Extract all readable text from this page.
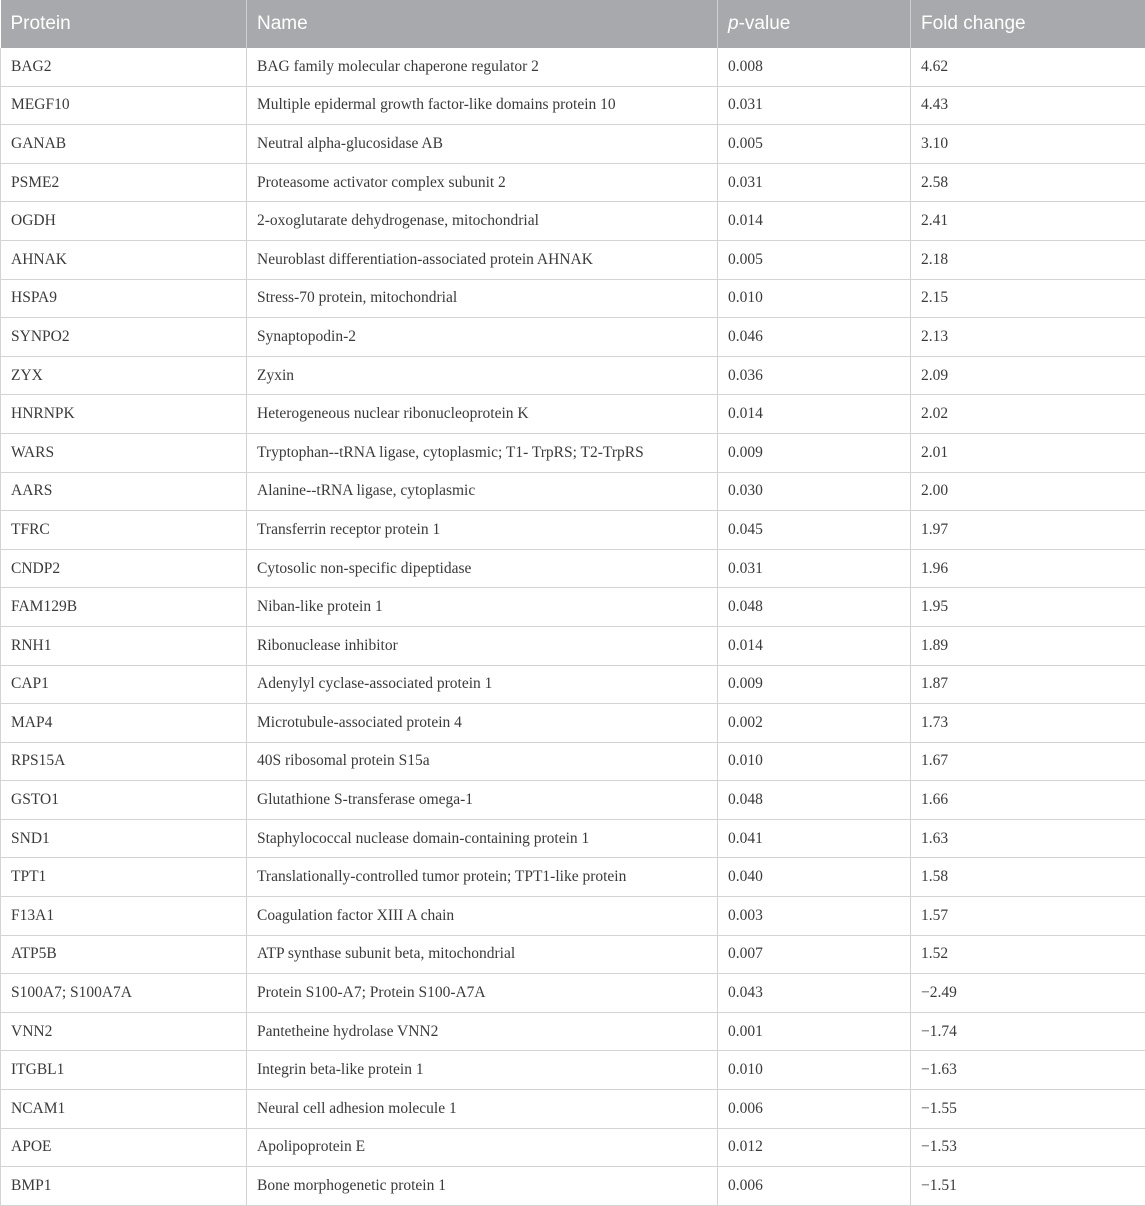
Protein	Name	p-value	Fold change
BAG2	BAG family molecular chaperone regulator 2	0.008	4.62
MEGF10	Multiple epidermal growth factor-like domains protein 10	0.031	4.43
GANAB	Neutral alpha-glucosidase AB	0.005	3.10
PSME2	Proteasome activator complex subunit 2	0.031	2.58
OGDH	2-oxoglutarate dehydrogenase, mitochondrial	0.014	2.41
AHNAK	Neuroblast differentiation-associated protein AHNAK	0.005	2.18
HSPA9	Stress-70 protein, mitochondrial	0.010	2.15
SYNPO2	Synaptopodin-2	0.046	2.13
ZYX	Zyxin	0.036	2.09
HNRNPK	Heterogeneous nuclear ribonucleoprotein K	0.014	2.02
WARS	Tryptophan--tRNA ligase, cytoplasmic; T1- TrpRS; T2-TrpRS	0.009	2.01
AARS	Alanine--tRNA ligase, cytoplasmic	0.030	2.00
TFRC	Transferrin receptor protein 1	0.045	1.97
CNDP2	Cytosolic non-specific dipeptidase	0.031	1.96
FAM129B	Niban-like protein 1	0.048	1.95
RNH1	Ribonuclease inhibitor	0.014	1.89
CAP1	Adenylyl cyclase-associated protein 1	0.009	1.87
MAP4	Microtubule-associated protein 4	0.002	1.73
RPS15A	40S ribosomal protein S15a	0.010	1.67
GSTO1	Glutathione S-transferase omega-1	0.048	1.66
SND1	Staphylococcal nuclease domain-containing protein 1	0.041	1.63
TPT1	Translationally-controlled tumor protein; TPT1-like protein	0.040	1.58
F13A1	Coagulation factor XIII A chain	0.003	1.57
ATP5B	ATP synthase subunit beta, mitochondrial	0.007	1.52
S100A7; S100A7A	Protein S100-A7; Protein S100-A7A	0.043	−2.49
VNN2	Pantetheine hydrolase VNN2	0.001	−1.74
ITGBL1	Integrin beta-like protein 1	0.010	−1.63
NCAM1	Neural cell adhesion molecule 1	0.006	−1.55
APOE	Apolipoprotein E	0.012	−1.53
BMP1	Bone morphogenetic protein 1	0.006	−1.51
